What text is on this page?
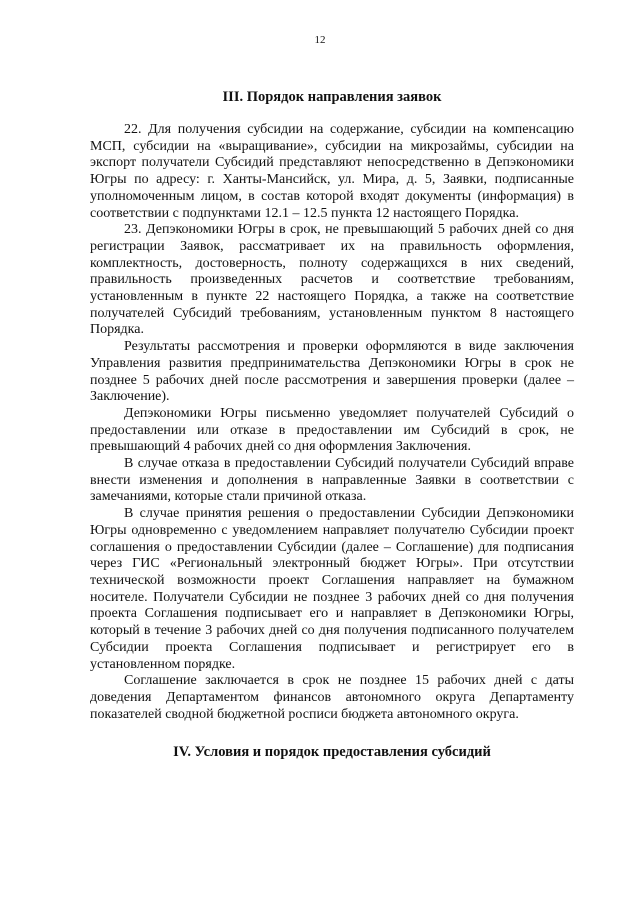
12
III. Порядок направления заявок

22. Для получения субсидии на содержание, субсидии на компенсацию МСП, субсидии на «выращивание», субсидии на микрозаймы, субсидии на экспорт получатели Субсидий представляют непосредственно в Депэкономики Югры по адресу: г. Ханты-Мансийск, ул. Мира, д. 5, Заявки, подписанные уполномоченным лицом, в состав которой входят документы (информация) в соответствии с подпунктами 12.1 – 12.5 пункта 12 настоящего Порядка.

23. Депэкономики Югры в срок, не превышающий 5 рабочих дней со дня регистрации Заявок, рассматривает их на правильность оформления, комплектность, достоверность, полноту содержащихся в них сведений, правильность произведенных расчетов и соответствие требованиям, установленным в пункте 22 настоящего Порядка, а также на соответствие получателей Субсидий требованиям, установленным пунктом 8 настоящего Порядка.

Результаты рассмотрения и проверки оформляются в виде заключения Управления развития предпринимательства Депэкономики Югры в срок не позднее 5 рабочих дней после рассмотрения и завершения проверки (далее – Заключение).

Депэкономики Югры письменно уведомляет получателей Субсидий о предоставлении или отказе в предоставлении им Субсидий в срок, не превышающий 4 рабочих дней со дня оформления Заключения.

В случае отказа в предоставлении Субсидий получатели Субсидий вправе внести изменения и дополнения в направленные Заявки в соответствии с замечаниями, которые стали причиной отказа.

В случае принятия решения о предоставлении Субсидии Депэкономики Югры одновременно с уведомлением направляет получателю Субсидии проект соглашения о предоставлении Субсидии (далее – Соглашение) для подписания через ГИС «Региональный электронный бюджет Югры». При отсутствии технической возможности проект Соглашения направляет на бумажном носителе. Получатели Субсидии не позднее 3 рабочих дней со дня получения проекта Соглашения подписывает его и направляет в Депэкономики Югры, который в течение 3 рабочих дней со дня получения подписанного получателем Субсидии проекта Соглашения подписывает и регистрирует его в установленном порядке.

Соглашение заключается в срок не позднее 15 рабочих дней с даты доведения Департаментом финансов автономного округа Департаменту показателей сводной бюджетной росписи бюджета автономного округа.

IV. Условия и порядок предоставления субсидий
